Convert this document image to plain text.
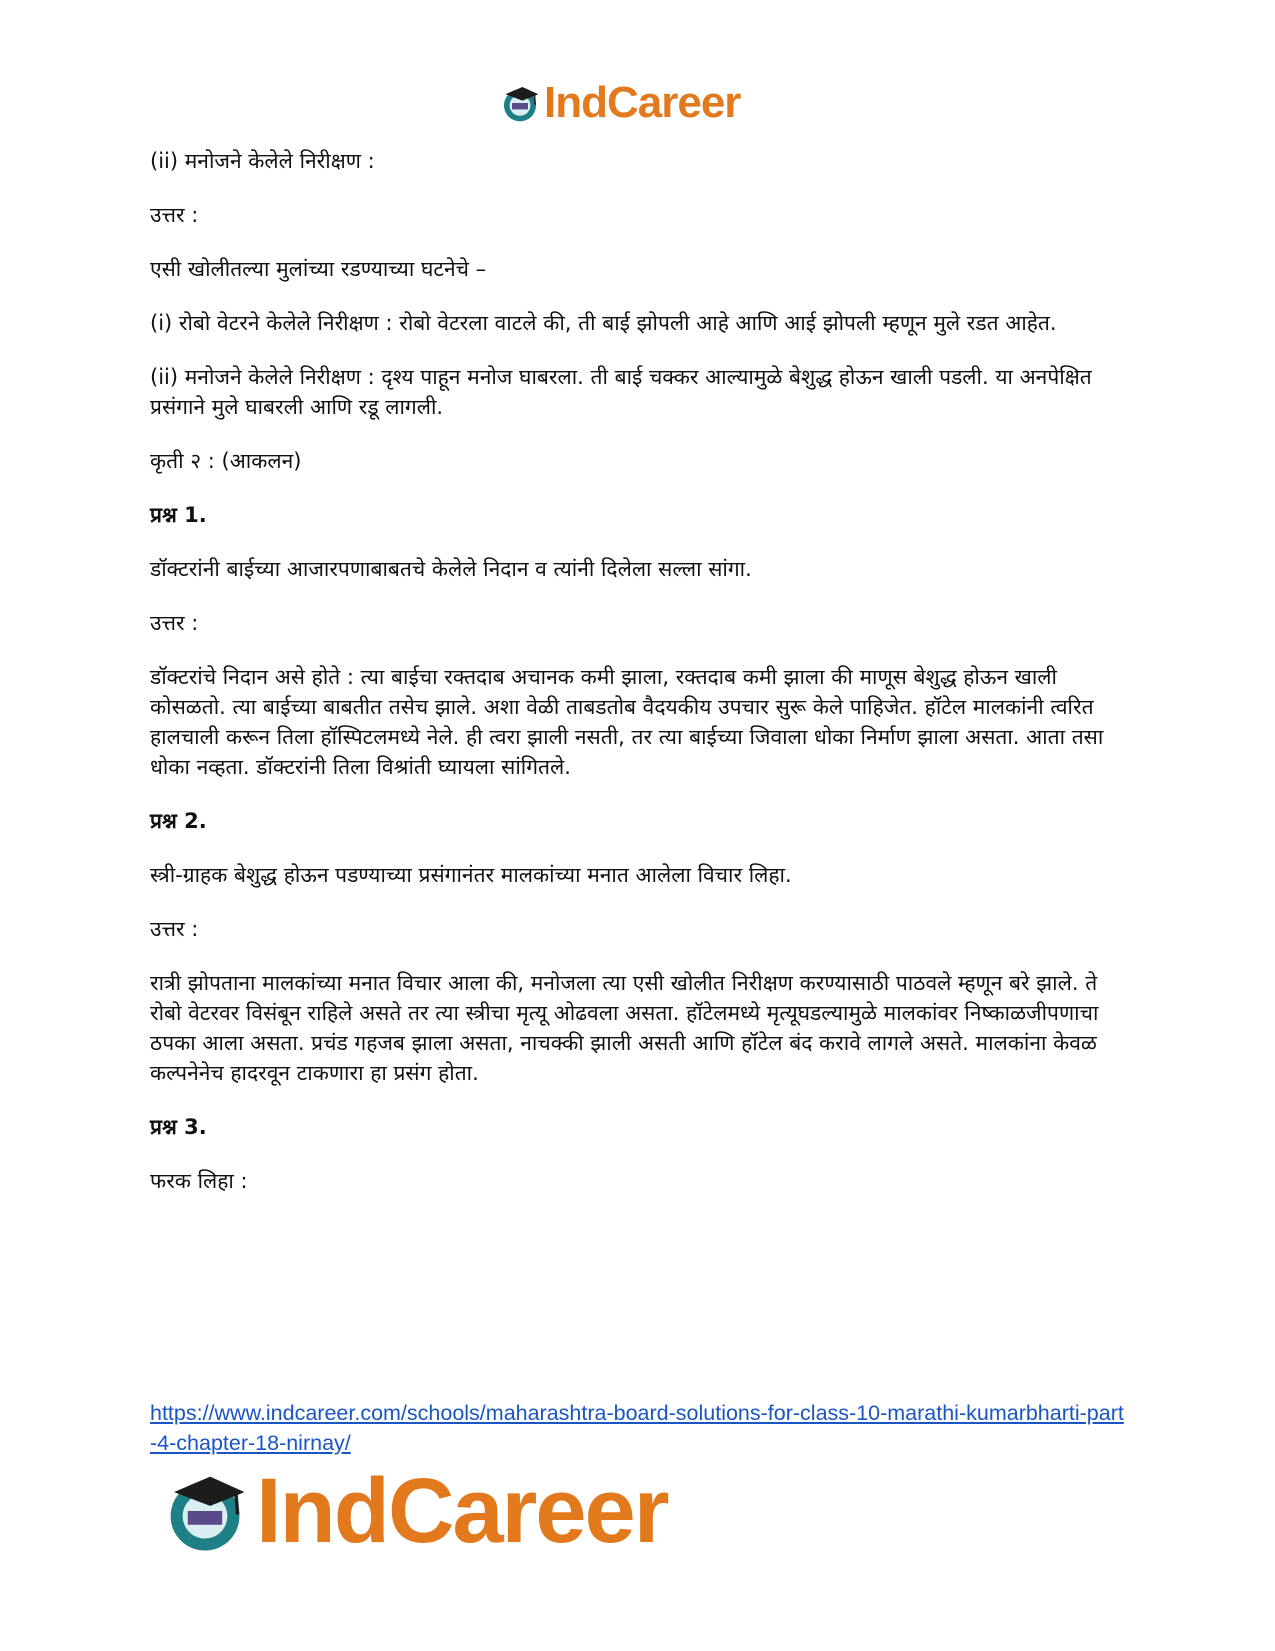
IndCareer

(ii) मनोजने केलेले निरीक्षण :

उत्तर :

एसी खोलीतल्या मुलांच्या रडण्याच्या घटनेचे –

(i) रोबो वेटरने केलेले निरीक्षण : रोबो वेटरला वाटले की, ती बाई झोपली आहे आणि आई झोपली म्हणून मुले रडत आहेत.

(ii) मनोजने केलेले निरीक्षण : दृश्य पाहून मनोज घाबरला. ती बाई चक्कर आल्यामुळे बेशुद्ध होऊन खाली पडली. या अनपेक्षित प्रसंगाने मुले घाबरली आणि रडू लागली.

कृती २ : (आकलन)

प्रश्न 1.

डॉक्टरांनी बाईच्या आजारपणाबाबतचे केलेले निदान व त्यांनी दिलेला सल्ला सांगा.

उत्तर :

डॉक्टरांचे निदान असे होते : त्या बाईचा रक्तदाब अचानक कमी झाला, रक्तदाब कमी झाला की माणूस बेशुद्ध होऊन खाली कोसळतो. त्या बाईच्या बाबतीत तसेच झाले. अशा वेळी ताबडतोब वैदयकीय उपचार सुरू केले पाहिजेत. हॉटेल मालकांनी त्वरित हालचाली करून तिला हॉस्पिटलमध्ये नेले. ही त्वरा झाली नसती, तर त्या बाईच्या जिवाला धोका निर्माण झाला असता. आता तसा धोका नव्हता. डॉक्टरांनी तिला विश्रांती घ्यायला सांगितले.

प्रश्न 2.

स्त्री-ग्राहक बेशुद्ध होऊन पडण्याच्या प्रसंगानंतर मालकांच्या मनात आलेला विचार लिहा.

उत्तर :

रात्री झोपताना मालकांच्या मनात विचार आला की, मनोजला त्या एसी खोलीत निरीक्षण करण्यासाठी पाठवले म्हणून बरे झाले. ते रोबो वेटरवर विसंबून राहिले असते तर त्या स्त्रीचा मृत्यू ओढवला असता. हॉटेलमध्ये मृत्यूघडल्यामुळे मालकांवर निष्काळजीपणाचा ठपका आला असता. प्रचंड गहजब झाला असता, नाचक्की झाली असती आणि हॉटेल बंद करावे लागले असते. मालकांना केवळ कल्पनेनेच हादरवून टाकणारा हा प्रसंग होता.

प्रश्न 3.

फरक लिहा :

https://www.indcareer.com/schools/maharashtra-board-solutions-for-class-10-marathi-kumarbharti-part-4-chapter-18-nirnay/
IndCareer
